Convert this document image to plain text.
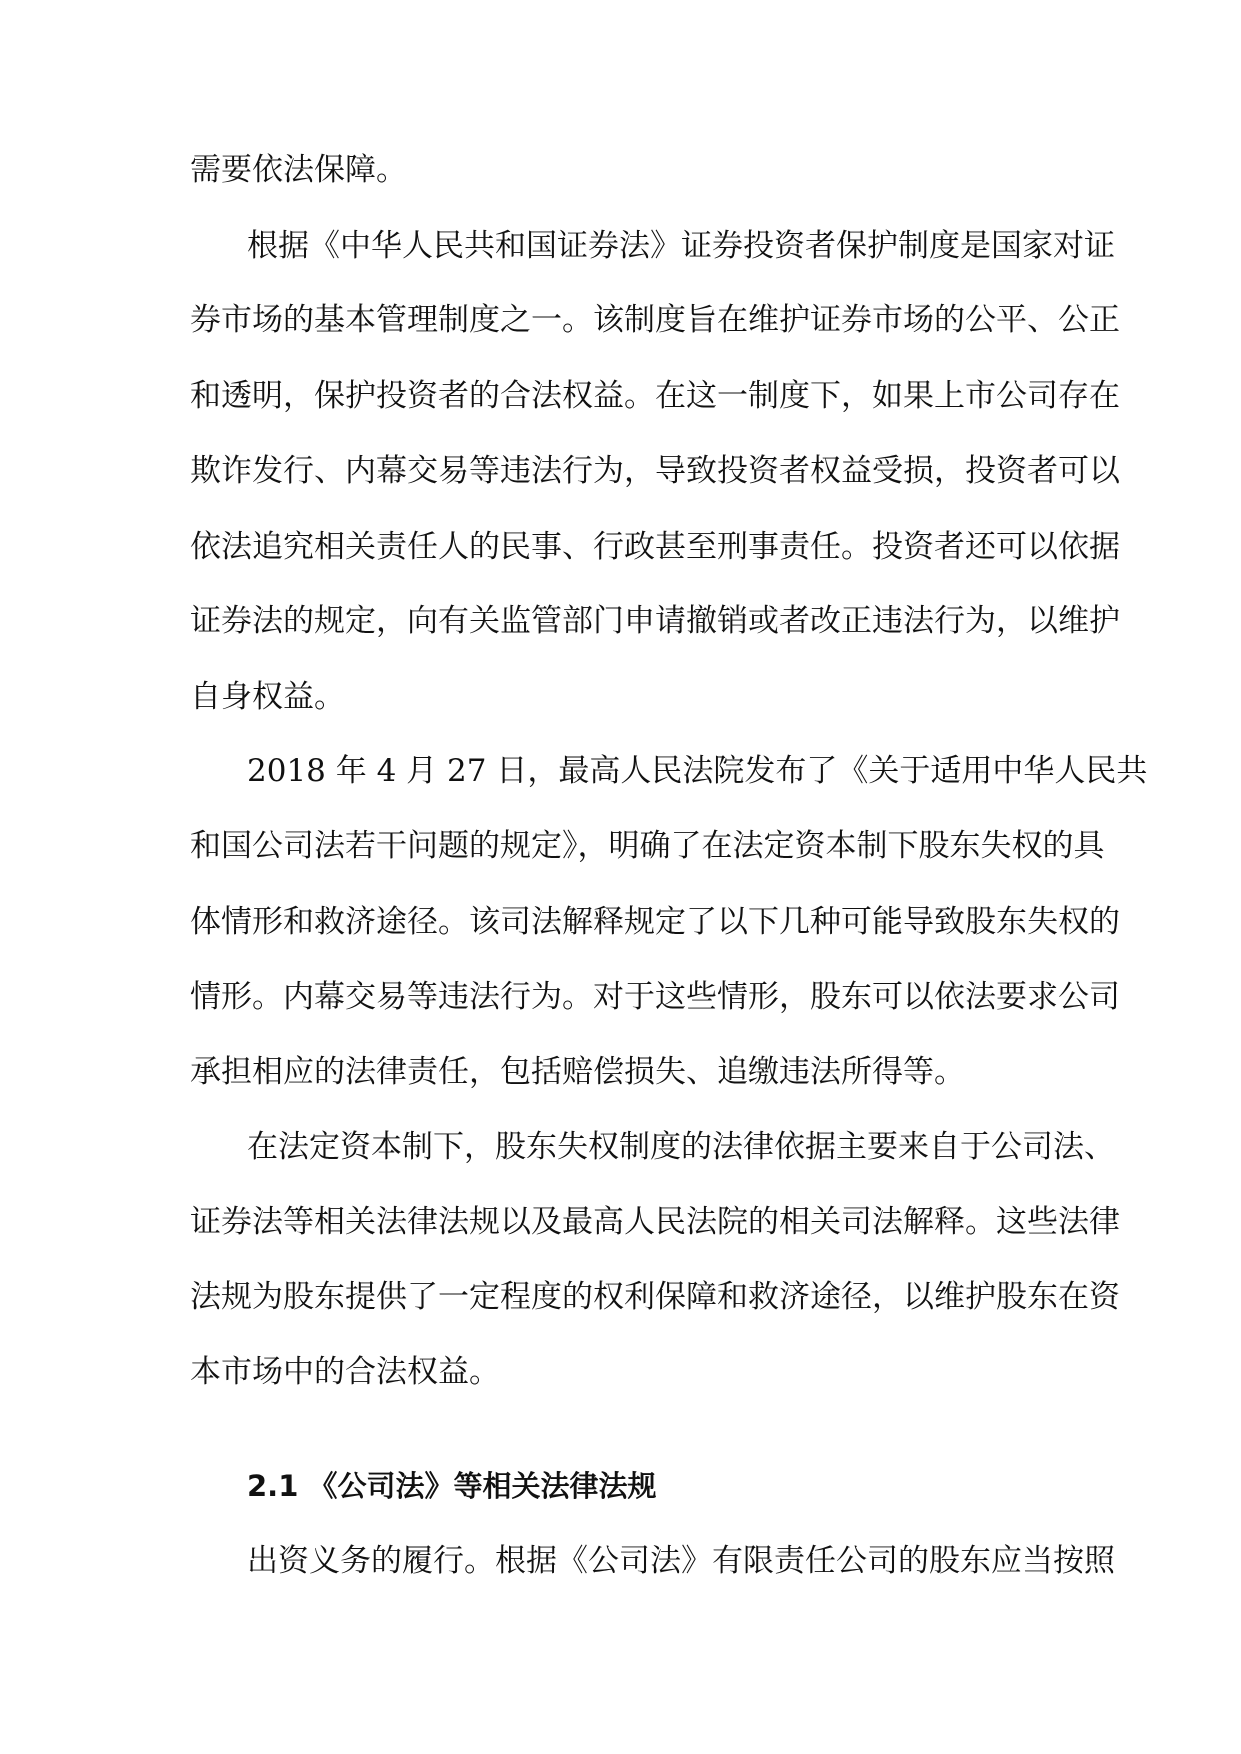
需要依法保障。
根据《中华人民共和国证券法》证券投资者保护制度是国家对证
券市场的基本管理制度之一。该制度旨在维护证券市场的公平、公正
和透明，保护投资者的合法权益。在这一制度下，如果上市公司存在
欺诈发行、内幕交易等违法行为，导致投资者权益受损，投资者可以
依法追究相关责任人的民事、行政甚至刑事责任。投资者还可以依据
证券法的规定，向有关监管部门申请撤销或者改正违法行为，以维护
自身权益。
2018 年 4 月 27 日，最高人民法院发布了《关于适用中华人民共
和国公司法若干问题的规定》，明确了在法定资本制下股东失权的具
体情形和救济途径。该司法解释规定了以下几种可能导致股东失权的
情形。内幕交易等违法行为。对于这些情形，股东可以依法要求公司
承担相应的法律责任，包括赔偿损失、追缴违法所得等。
在法定资本制下，股东失权制度的法律依据主要来自于公司法、
证券法等相关法律法规以及最高人民法院的相关司法解释。这些法律
法规为股东提供了一定程度的权利保障和救济途径，以维护股东在资
本市场中的合法权益。
2.1 《公司法》等相关法律法规
出资义务的履行。根据《公司法》有限责任公司的股东应当按照
